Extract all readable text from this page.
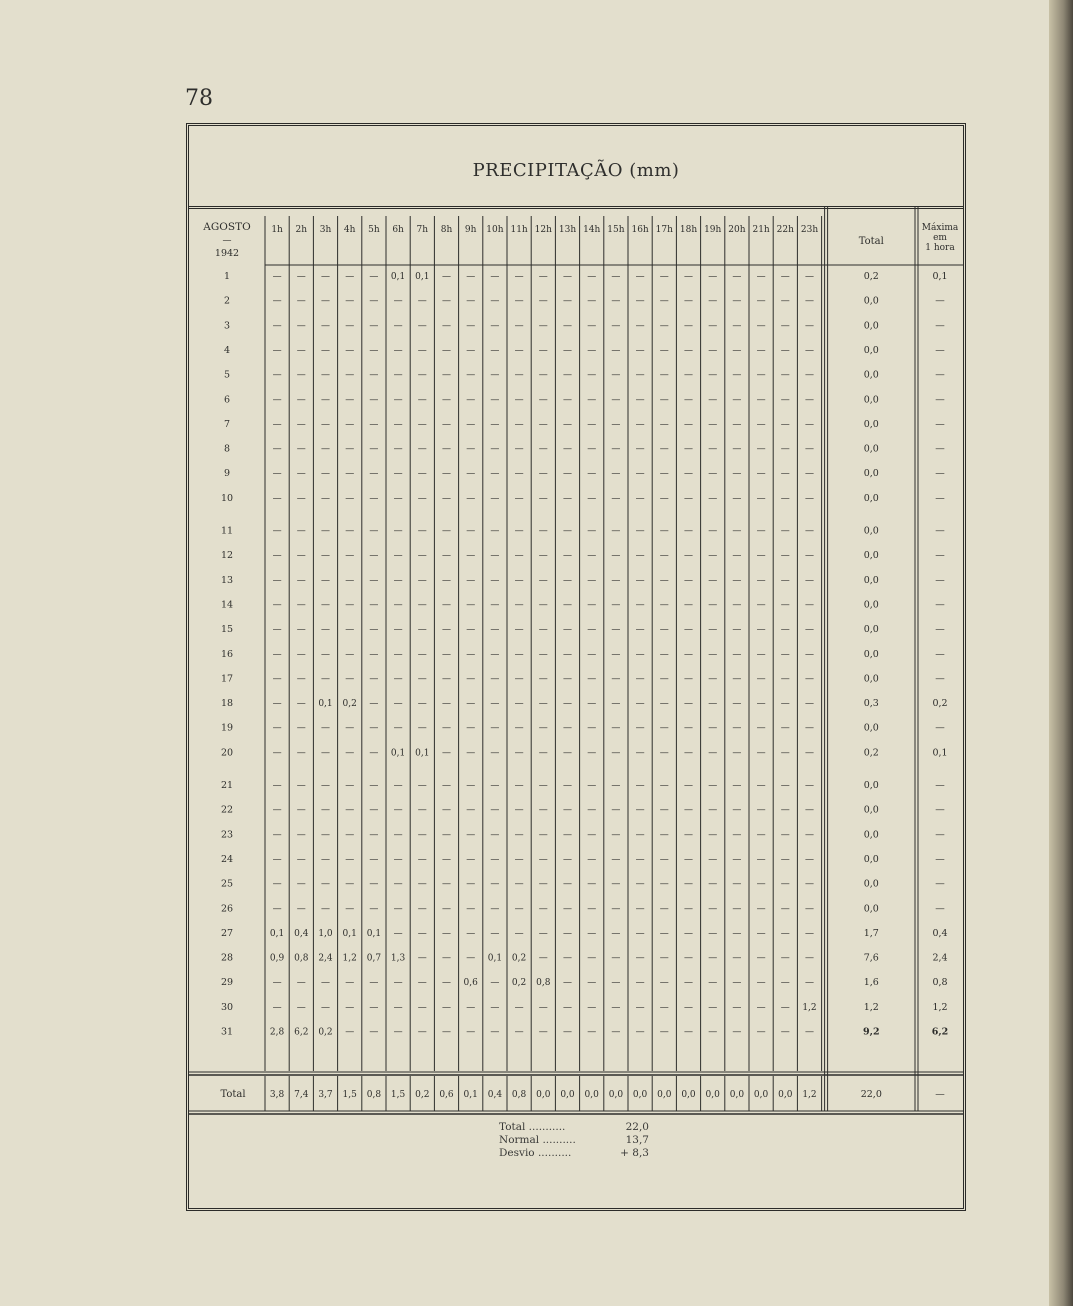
78
PRECIPITAÇÃO (mm)
AGOSTO
—
1942
1h 2h 3h 4h 5h 6h 7h 8h 9h 10h 11h 12h 13h 14h 15h 16h 17h 18h 19h 20h 21h 22h 23h
Total
Máxima
em
1 hora
1	— — — — — 0,1 0,1 — — — — — — — — — — — — — — — —	0,2	0,1
2	— — — — — — — — — — — — — — — — — — — — — — —	0,0	—
3	— — — — — — — — — — — — — — — — — — — — — — —	0,0	—
4	— — — — — — — — — — — — — — — — — — — — — — —	0,0	—
5	— — — — — — — — — — — — — — — — — — — — — — —	0,0	—
6	— — — — — — — — — — — — — — — — — — — — — — —	0,0	—
7	— — — — — — — — — — — — — — — — — — — — — — —	0,0	—
8	— — — — — — — — — — — — — — — — — — — — — — —	0,0	—
9	— — — — — — — — — — — — — — — — — — — — — — —	0,0	—
10	— — — — — — — — — — — — — — — — — — — — — — —	0,0	—
11	— — — — — — — — — — — — — — — — — — — — — — —	0,0	—
12	— — — — — — — — — — — — — — — — — — — — — — —	0,0	—
13	— — — — — — — — — — — — — — — — — — — — — — —	0,0	—
14	— — — — — — — — — — — — — — — — — — — — — — —	0,0	—
15	— — — — — — — — — — — — — — — — — — — — — — —	0,0	—
16	— — — — — — — — — — — — — — — — — — — — — — —	0,0	—
17	— — — — — — — — — — — — — — — — — — — — — — —	0,0	—
18	— — 0,1 0,2 — — — — — — — — — — — — — — — — — — —	0,3	0,2
19	— — — — — — — — — — — — — — — — — — — — — — —	0,0	—
20	— — — — — 0,1 0,1 — — — — — — — — — — — — — — — —	0,2	0,1
21	— — — — — — — — — — — — — — — — — — — — — — —	0,0	—
22	— — — — — — — — — — — — — — — — — — — — — — —	0,0	—
23	— — — — — — — — — — — — — — — — — — — — — — —	0,0	—
24	— — — — — — — — — — — — — — — — — — — — — — —	0,0	—
25	— — — — — — — — — — — — — — — — — — — — — — —	0,0	—
26	— — — — — — — — — — — — — — — — — — — — — — —	0,0	—
27	0,1 0,4 1,0 0,1 0,1 — — — — — — — — — — — — — — — — — —	1,7	0,4
28	0,9 0,8 2,4 1,2 0,7 1,3 — — — 0,1 0,2 — — — — — — — — — — — —	7,6	2,4
29	— — — — — — — — 0,6 — 0,2 0,8 — — — — — — — — — — —	1,6	0,8
30	— — — — — — — — — — — — — — — — — — — — — — 1,2	1,2	1,2
31	2,8 6,2 0,2 — — — — — — — — — — — — — — — — — — — —	9,2	6,2
Total	3,8 7,4 3,7 1,5 0,8 1,5 0,2 0,6 0,1 0,4 0,8 0,0 0,0 0,0 0,0 0,0 0,0 0,0 0,0 0,0 0,0 0,0 1,2	22,0	—
Total ...........	22,0
Normal ..........	13,7
Desvio ..........	+ 8,3
